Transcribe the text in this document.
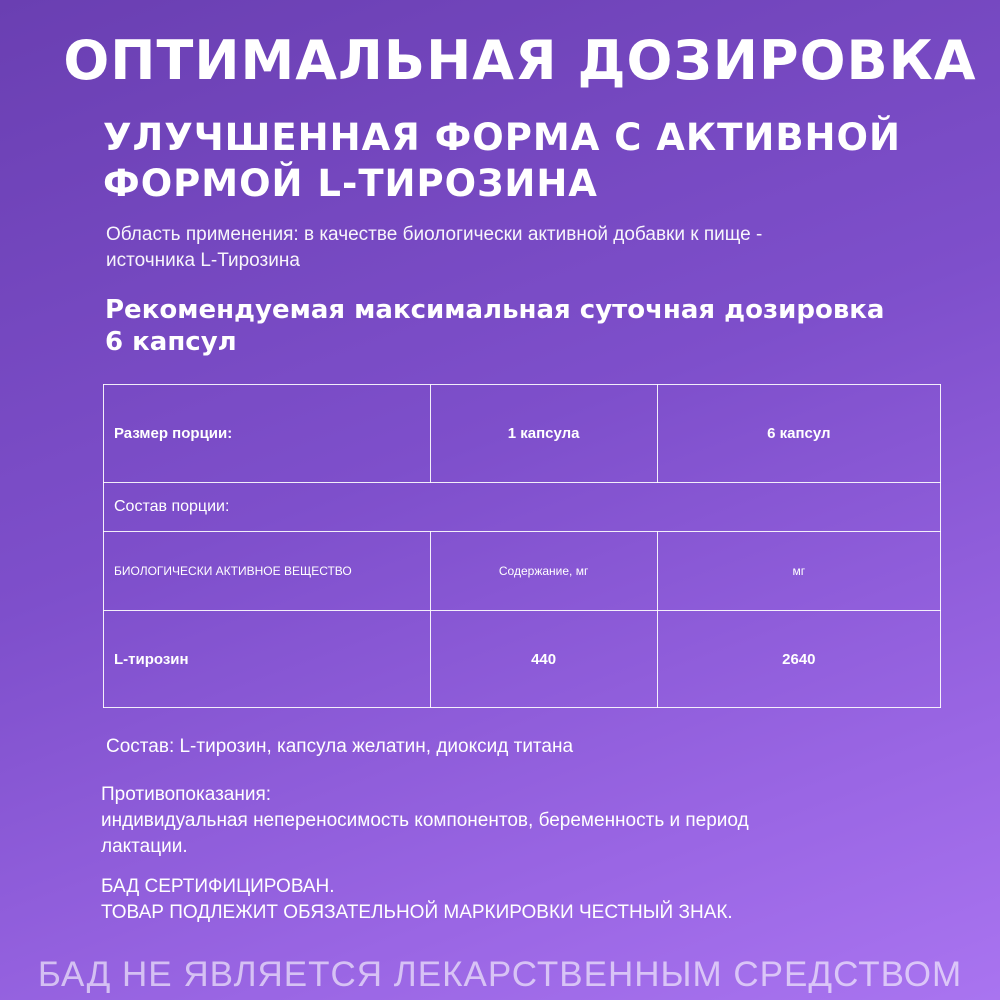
ОПТИМАЛЬНАЯ ДОЗИРОВКА
УЛУЧШЕННАЯ ФОРМА С АКТИВНОЙ
ФОРМОЙ L-ТИРОЗИНА
Область применения: в качестве биологически активной добавки к пище -
источника L-Тирозина
Рекомендуемая максимальная суточная дозировка
6 капсул
Размер порции:	1 капсула	6 капсул
Состав порции:		
БИОЛОГИЧЕСКИ АКТИВНОЕ ВЕЩЕСТВО	Содержание, мг	мг
L-тирозин	440	2640
Состав: L-тирозин, капсула желатин, диоксид титана
Противопоказания:
индивидуальная непереносимость компонентов, беременность и период
лактации.
БАД СЕРТИФИЦИРОВАН.
ТОВАР ПОДЛЕЖИТ ОБЯЗАТЕЛЬНОЙ МАРКИРОВКИ ЧЕСТНЫЙ ЗНАК.
БАД НЕ ЯВЛЯЕТСЯ ЛЕКАРСТВЕННЫМ СРЕДСТВОМ
